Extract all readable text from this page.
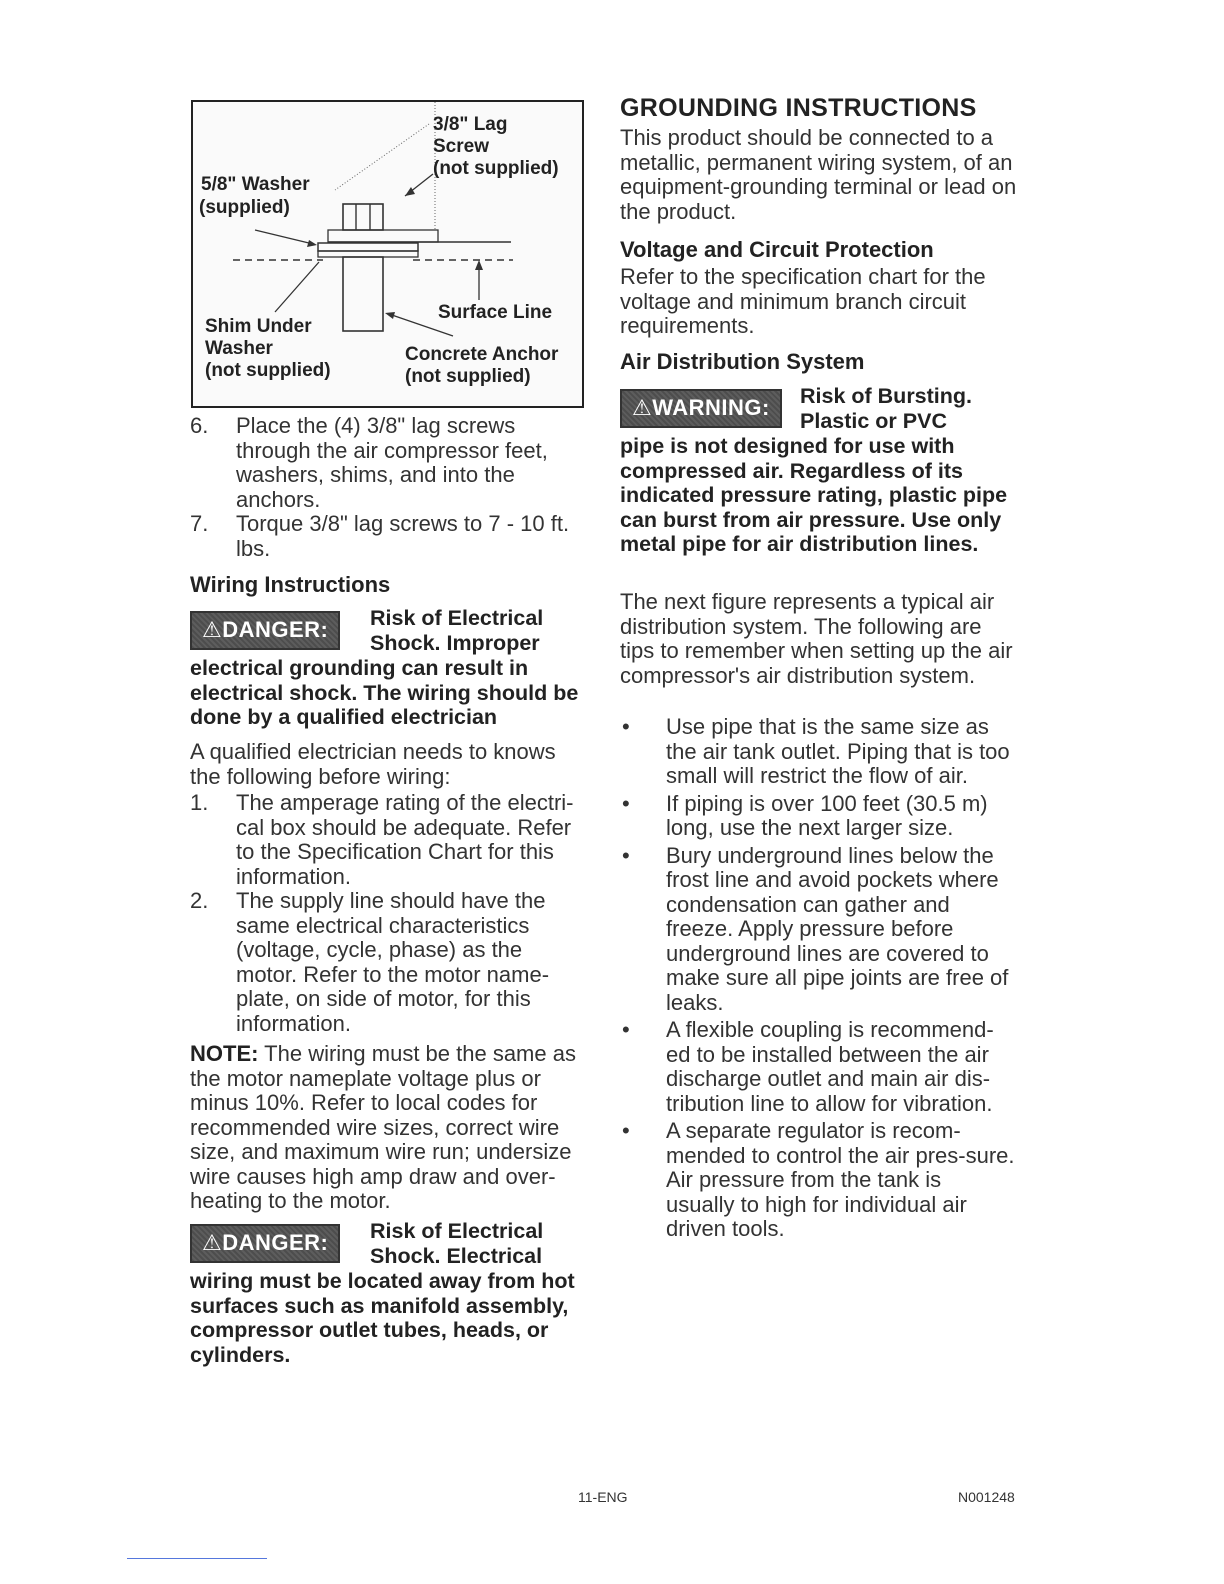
3/8" Lag
Screw
(not supplied)
5/8" Washer
(supplied)
Surface Line
Shim Under
Washer
(not supplied)
Concrete Anchor
(not supplied)
6. Place the (4) 3/8" lag screws through the air compressor feet, washers, shims, and into the anchors.
7. Torque 3/8" lag screws to 7 - 10 ft. lbs.
Wiring Instructions
⚠DANGER:	Risk of Electrical
Shock. Improper
electrical grounding can result in electrical shock. The wiring should be done by a qualified electrician
A qualified electrician needs to knows the following before wiring:
1. The amperage rating of the electri-cal box should be adequate. Refer to the Specification Chart for this information.
2. The supply line should have the same electrical characteristics (voltage, cycle, phase) as the motor. Refer to the motor name-plate, on side of motor, for this information.
NOTE: The wiring must be the same as the motor nameplate voltage plus or minus 10%. Refer to local codes for recommended wire sizes, correct wire size, and maximum wire run; undersize wire causes high amp draw and over-heating to the motor.
⚠DANGER:	Risk of Electrical
Shock. Electrical
wiring must be located away from hot surfaces such as manifold assembly, compressor outlet tubes, heads, or cylinders.
GROUNDING INSTRUCTIONS
This product should be connected to a metallic, permanent wiring system, of an equipment-grounding terminal or lead on the product.
Voltage and Circuit Protection
Refer to the specification chart for the voltage and minimum branch circuit requirements.
Air Distribution System
⚠WARNING:	Risk of Bursting.
Plastic or PVC
pipe is not designed for use with compressed air. Regardless of its indicated pressure rating, plastic pipe can burst from air pressure. Use only metal pipe for air distribution lines.
The next figure represents a typical air distribution system. The following are tips to remember when setting up the air compressor's air distribution system.
• Use pipe that is the same size as the air tank outlet. Piping that is too small will restrict the flow of air.
• If piping is over 100 feet (30.5 m) long, use the next larger size.
• Bury underground lines below the frost line and avoid pockets where condensation can gather and freeze. Apply pressure before underground lines are covered to make sure all pipe joints are free of leaks.
• A flexible coupling is recommend-ed to be installed between the air discharge outlet and main air dis-tribution line to allow for vibration.
• A separate regulator is recom-mended to control the air pres-sure. Air pressure from the tank is usually to high for individual air driven tools.
11-ENG	N001248
